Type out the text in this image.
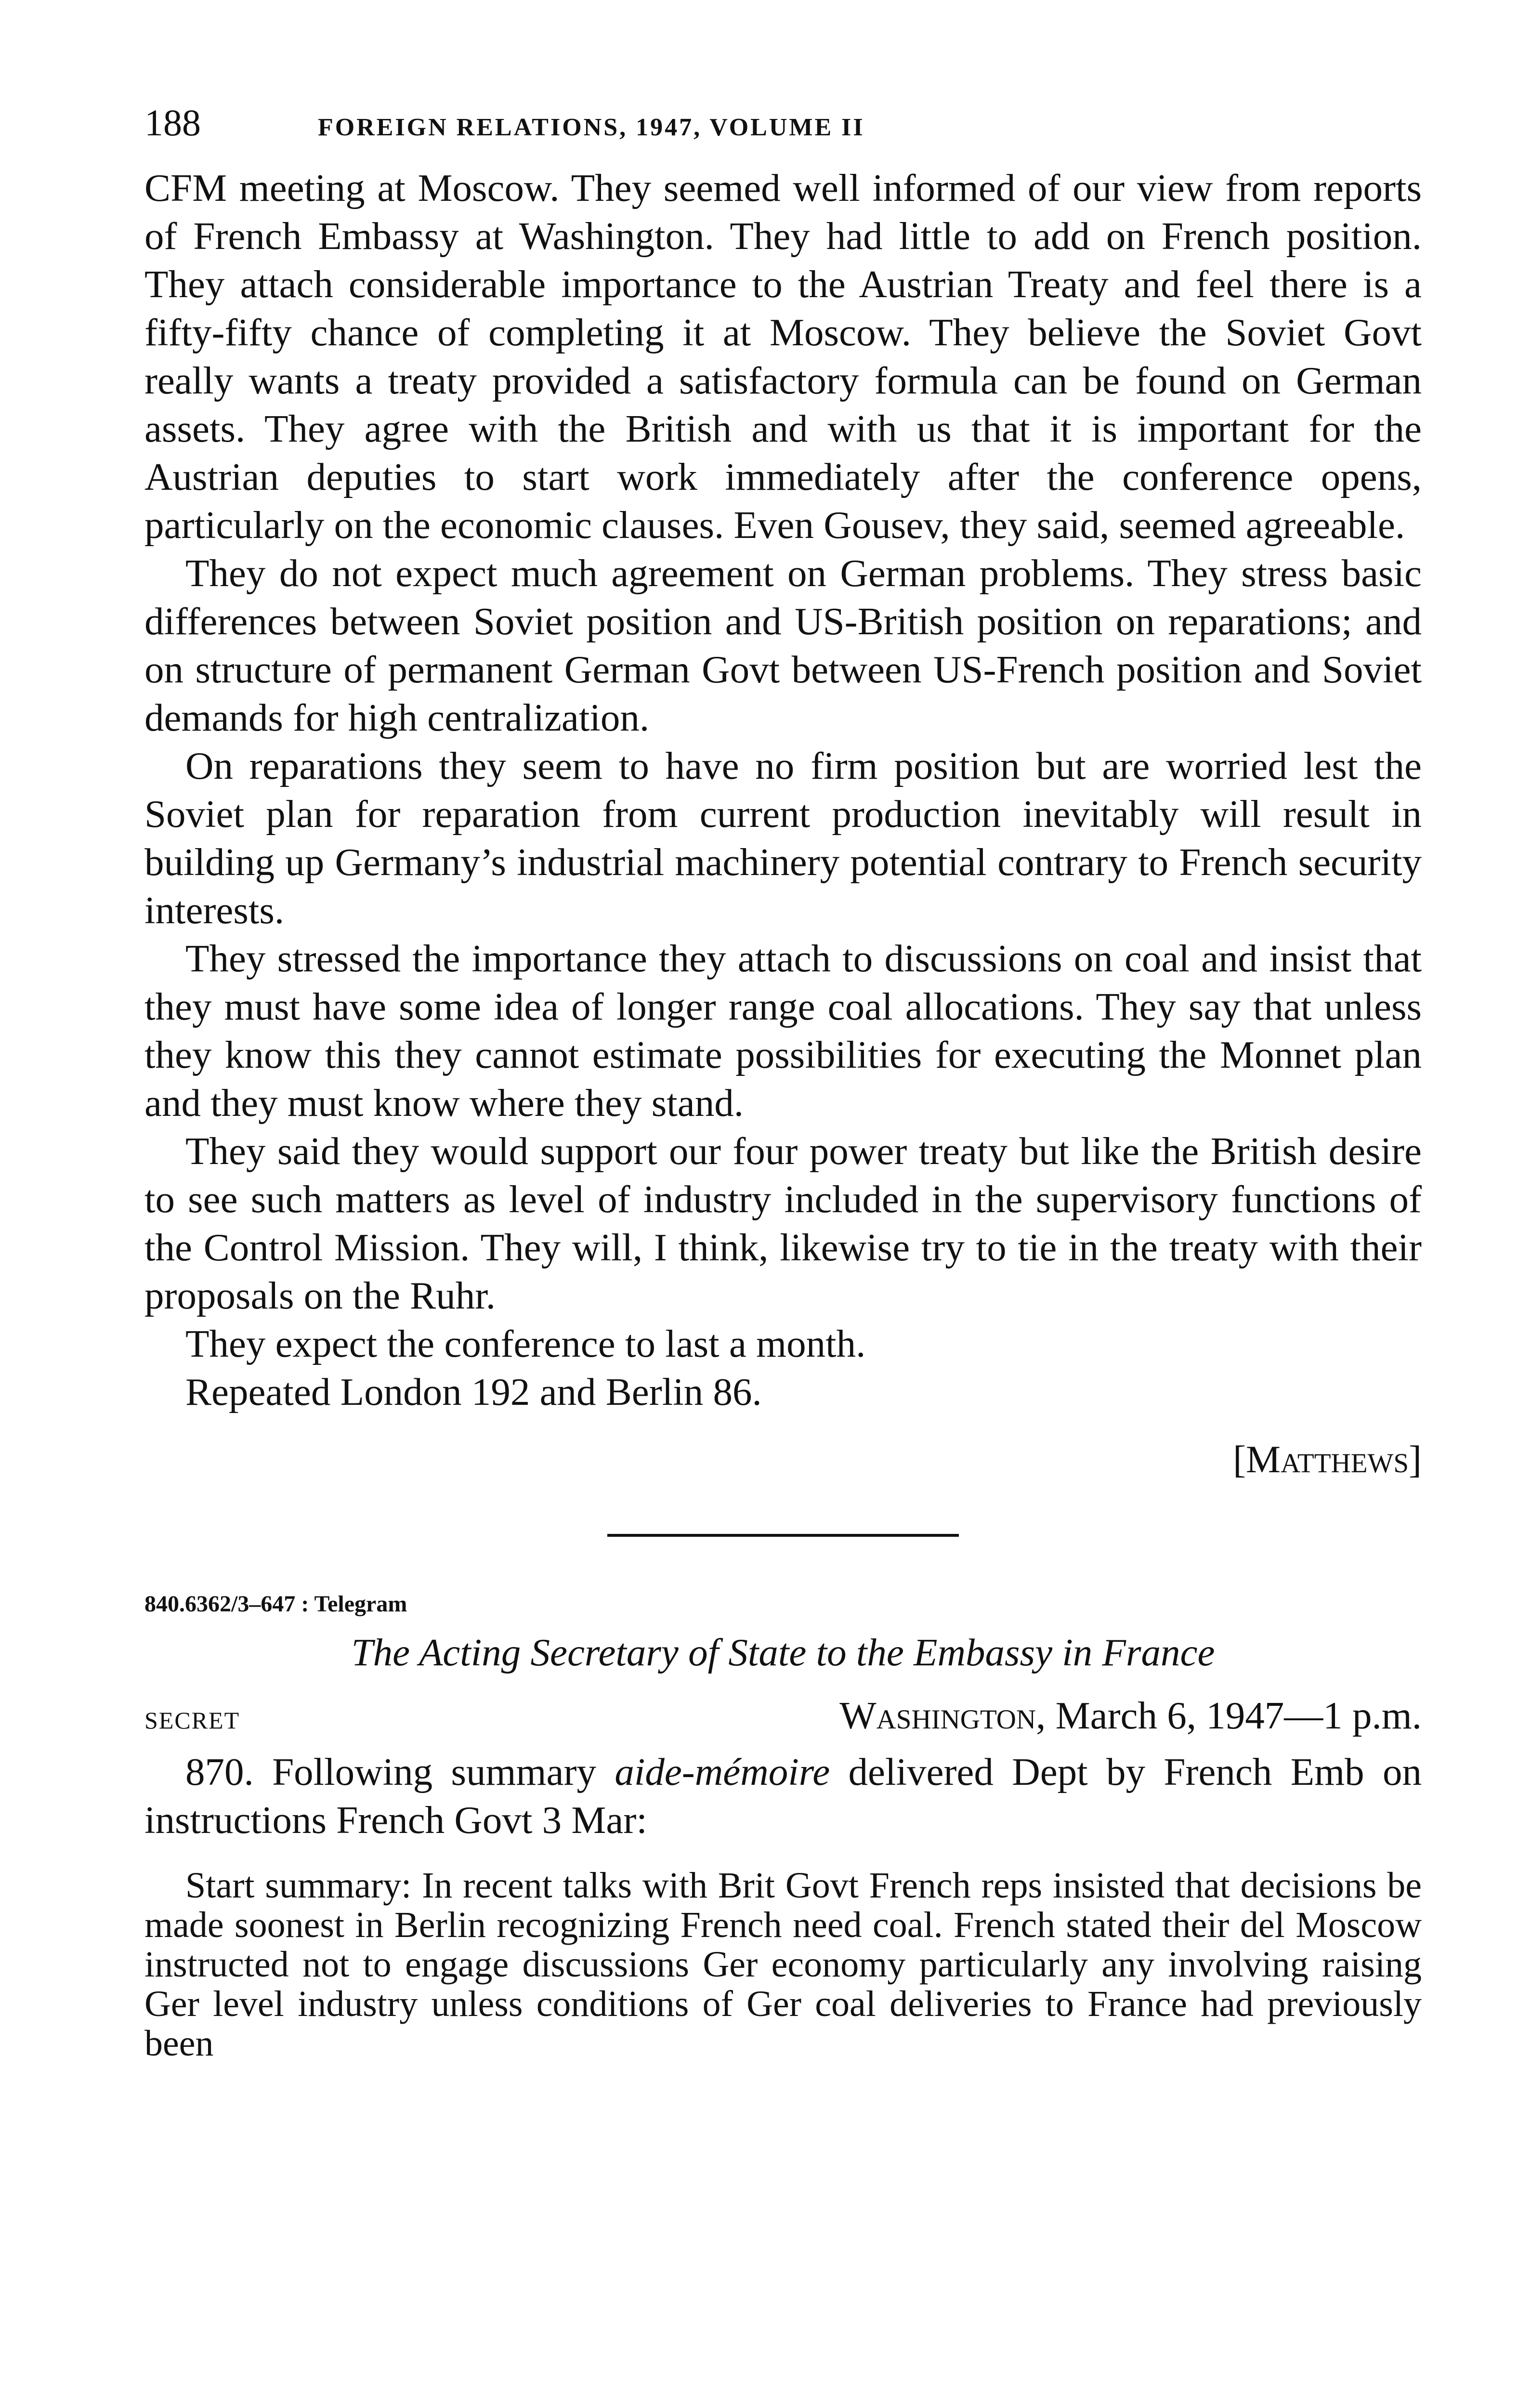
188	FOREIGN RELATIONS, 1947, VOLUME II

CFM meeting at Moscow. They seemed well informed of our view from reports of French Embassy at Washington. They had little to add on French position. They attach considerable importance to the Austrian Treaty and feel there is a fifty-fifty chance of completing it at Moscow. They believe the Soviet Govt really wants a treaty provided a satisfactory formula can be found on German assets. They agree with the British and with us that it is important for the Austrian deputies to start work immediately after the conference opens, particularly on the economic clauses. Even Gousev, they said, seemed agreeable.

They do not expect much agreement on German problems. They stress basic differences between Soviet position and US-British position on reparations; and on structure of permanent German Govt between US-French position and Soviet demands for high centralization.

On reparations they seem to have no firm position but are worried lest the Soviet plan for reparation from current production inevitably will result in building up Germany’s industrial machinery potential contrary to French security interests.

They stressed the importance they attach to discussions on coal and insist that they must have some idea of longer range coal allocations. They say that unless they know this they cannot estimate possibilities for executing the Monnet plan and they must know where they stand.

They said they would support our four power treaty but like the British desire to see such matters as level of industry included in the supervisory functions of the Control Mission. They will, I think, likewise try to tie in the treaty with their proposals on the Ruhr.

They expect the conference to last a month.

Repeated London 192 and Berlin 86.

[Matthews]
840.6362/3–647 : Telegram
The Acting Secretary of State to the Embassy in France
SECRET	Washington, March 6, 1947—1 p.m.

870. Following summary aide-mémoire delivered Dept by French Emb on instructions French Govt 3 Mar:

Start summary: In recent talks with Brit Govt French reps insisted that decisions be made soonest in Berlin recognizing French need coal. French stated their del Moscow instructed not to engage discussions Ger economy particularly any involving raising Ger level industry unless conditions of Ger coal deliveries to France had previously been
